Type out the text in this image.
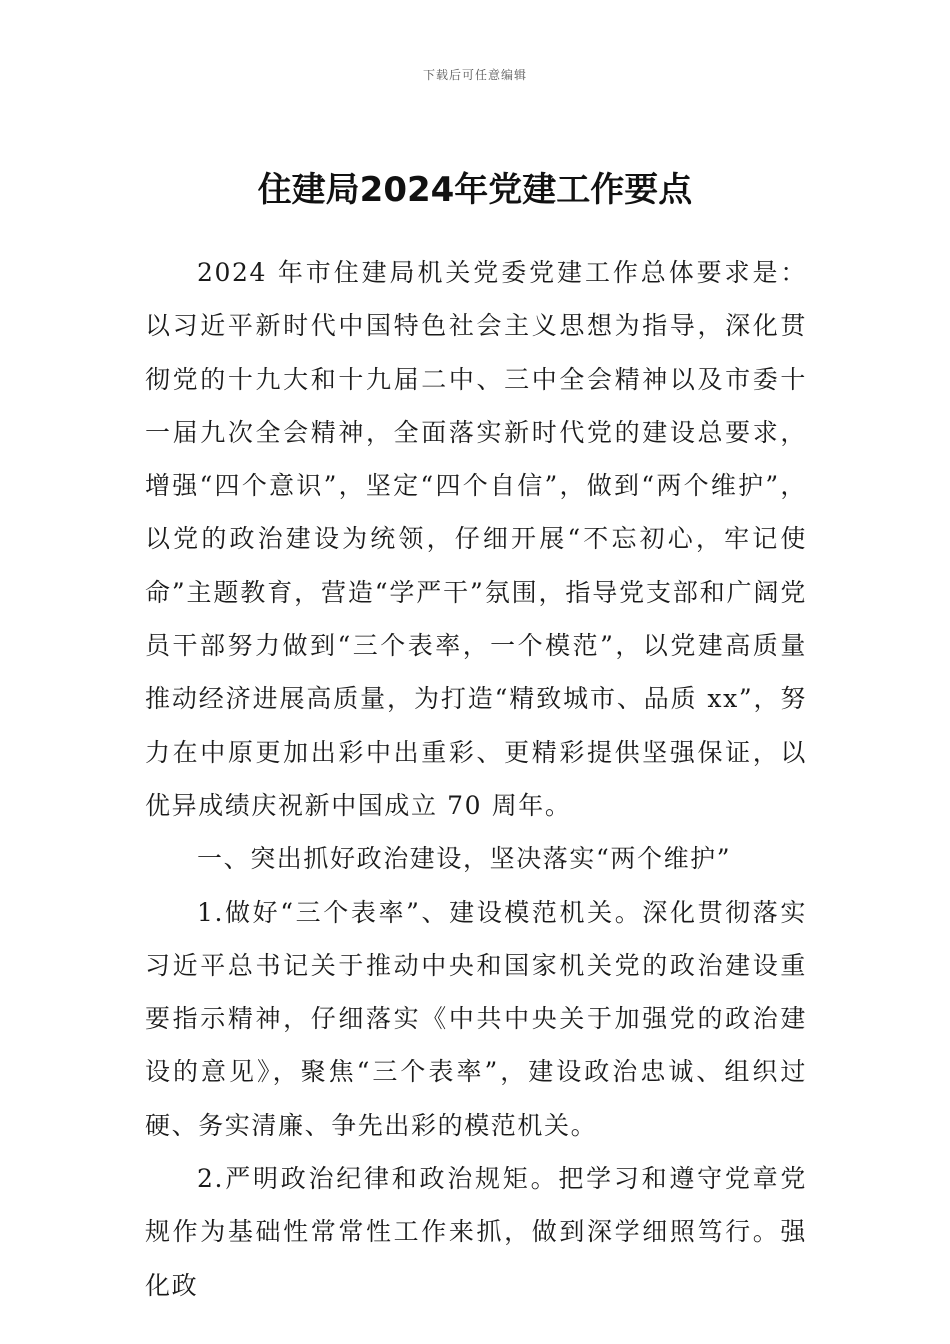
下载后可任意编辑
住建局2024年党建工作要点

2024 年市住建局机关党委党建工作总体要求是：以习近平新时代中国特色社会主义思想为指导，深化贯彻党的十九大和十九届二中、三中全会精神以及市委十一届九次全会精神，全面落实新时代党的建设总要求，增强“四个意识”，坚定“四个自信”，做到“两个维护”，以党的政治建设为统领，仔细开展“不忘初心，牢记使命”主题教育，营造“学严干”氛围，指导党支部和广阔党员干部努力做到“三个表率，一个模范”，以党建高质量推动经济进展高质量，为打造“精致城市、品质 xx”，努力在中原更加出彩中出重彩、更精彩提供坚强保证，以优异成绩庆祝新中国成立 70 周年。

一、突出抓好政治建设，坚决落实“两个维护”

1.做好“三个表率”、建设模范机关。深化贯彻落实习近平总书记关于推动中央和国家机关党的政治建设重要指示精神，仔细落实《中共中央关于加强党的政治建设的意见》，聚焦“三个表率”，建设政治忠诚、组织过硬、务实清廉、争先出彩的模范机关。

2.严明政治纪律和政治规矩。把学习和遵守党章党规作为基础性常常性工作来抓，做到深学细照笃行。强化政
